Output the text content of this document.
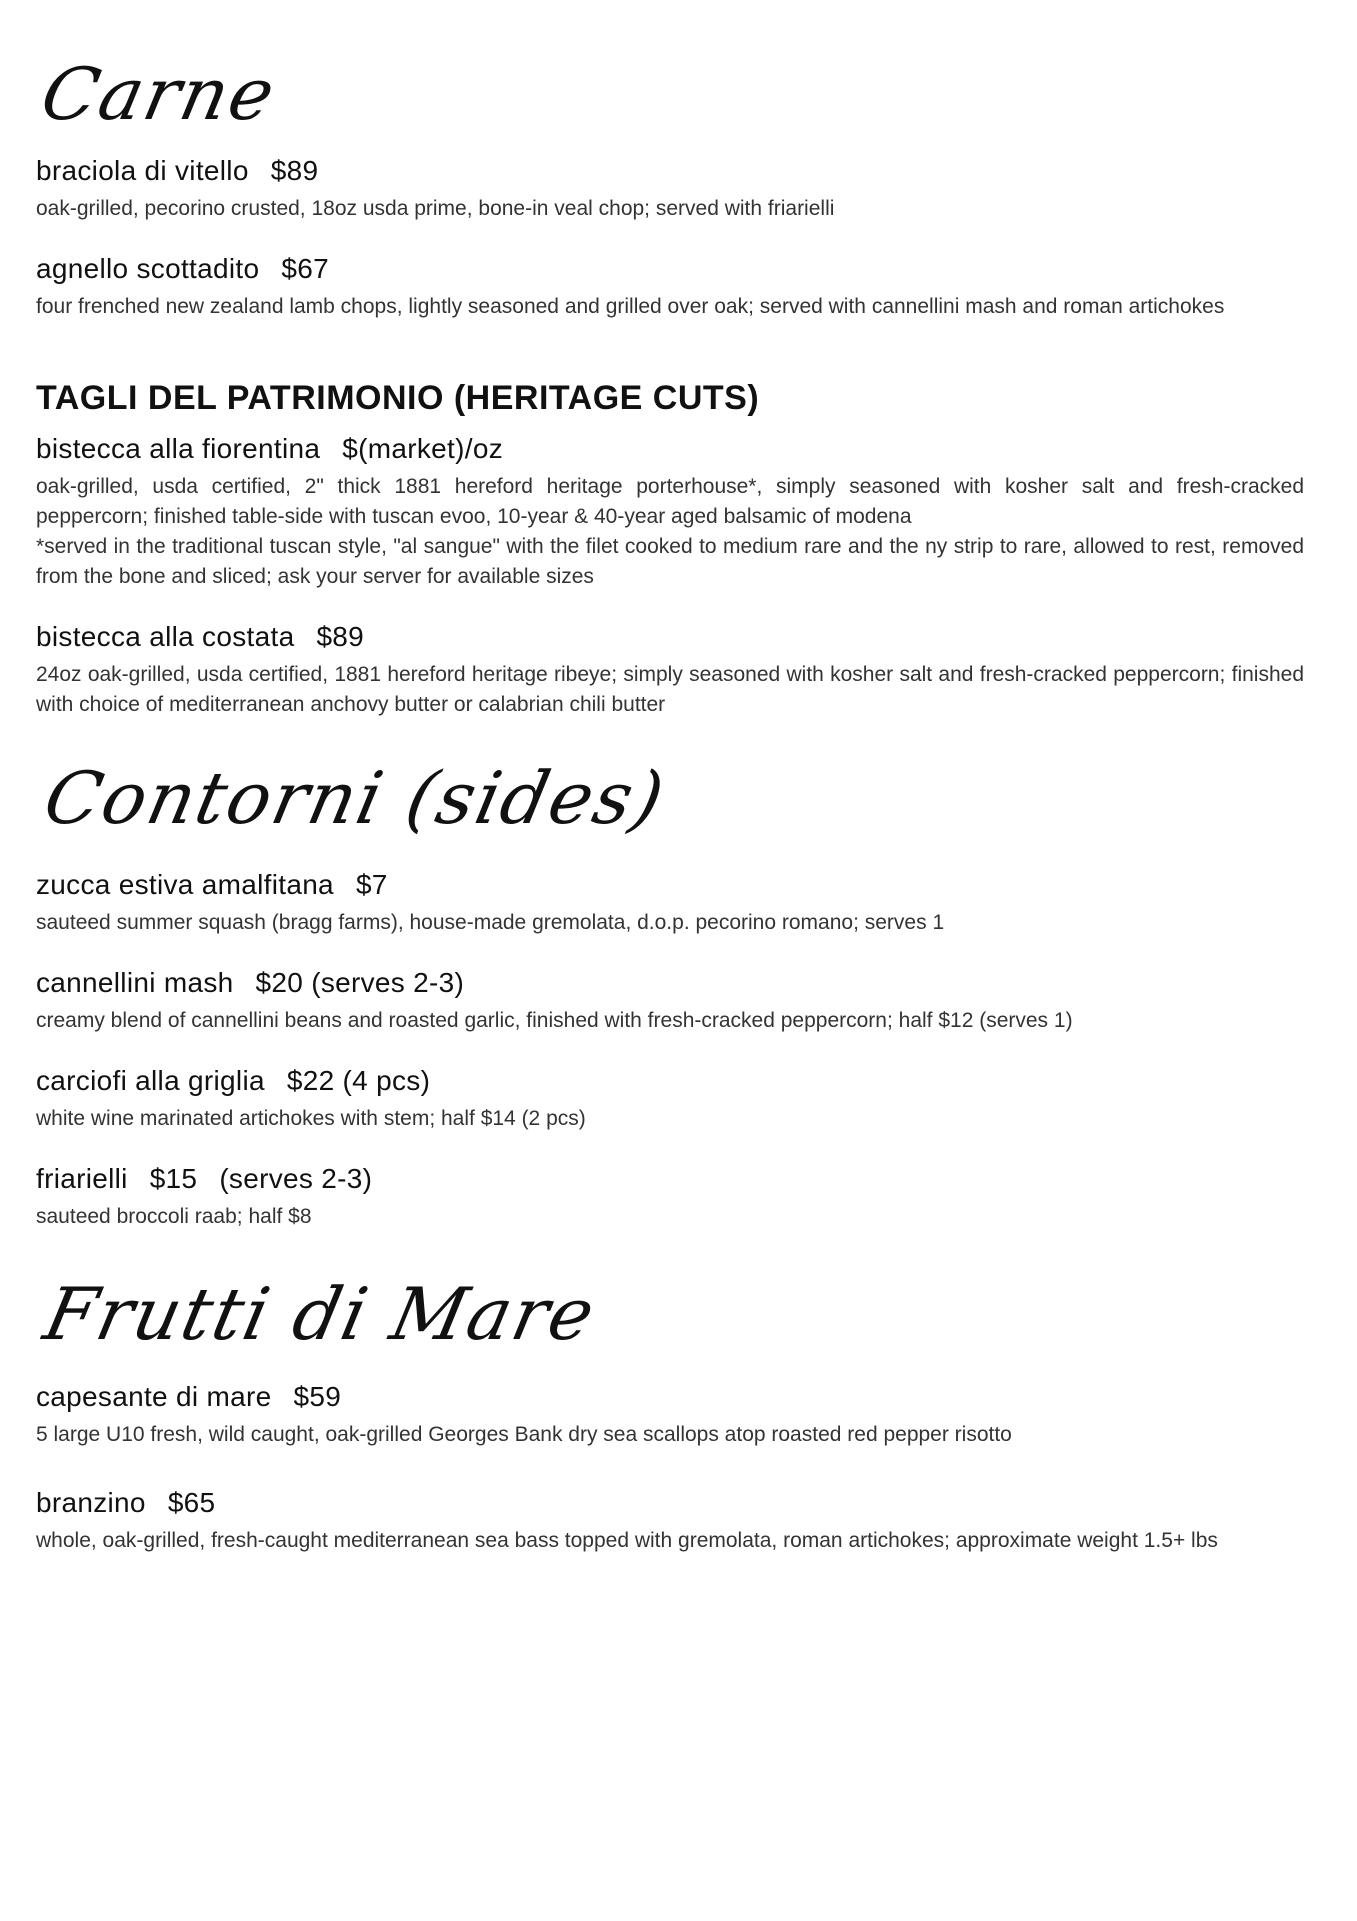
Carne
braciola di vitello $89

oak-grilled, pecorino crusted, 18oz usda prime, bone-in veal chop; served with friarielli

agnello scottadito $67

four frenched new zealand lamb chops, lightly seasoned and grilled over oak; served with cannellini mash and roman artichokes

TAGLI DEL PATRIMONIO (HERITAGE CUTS)
bistecca alla fiorentina $(market)/oz

oak-grilled, usda certified, 2" thick 1881 hereford heritage porterhouse*, simply seasoned with kosher salt and fresh-cracked peppercorn; finished table-side with tuscan evoo, 10-year & 40-year aged balsamic of modena

*served in the traditional tuscan style, "al sangue" with the filet cooked to medium rare and the ny strip to rare, allowed to rest, removed from the bone and sliced; ask your server for available sizes

bistecca alla costata $89

24oz oak-grilled, usda certified, 1881 hereford heritage ribeye; simply seasoned with kosher salt and fresh-cracked peppercorn; finished with choice of mediterranean anchovy butter or calabrian chili butter

Contorni (sides)
zucca estiva amalfitana $7

sauteed summer squash (bragg farms), house-made gremolata, d.o.p. pecorino romano; serves 1

cannellini mash $20 (serves 2-3)

creamy blend of cannellini beans and roasted garlic, finished with fresh-cracked peppercorn; half $12 (serves 1)

carciofi alla griglia $22 (4 pcs)

white wine marinated artichokes with stem; half $14 (2 pcs)

friarielli $15 (serves 2-3)

sauteed broccoli raab; half $8

Frutti di Mare
capesante di mare $59

5 large U10 fresh, wild caught, oak-grilled Georges Bank dry sea scallops atop roasted red pepper risotto

branzino $65

whole, oak-grilled, fresh-caught mediterranean sea bass topped with gremolata, roman artichokes; approximate weight 1.5+ lbs
